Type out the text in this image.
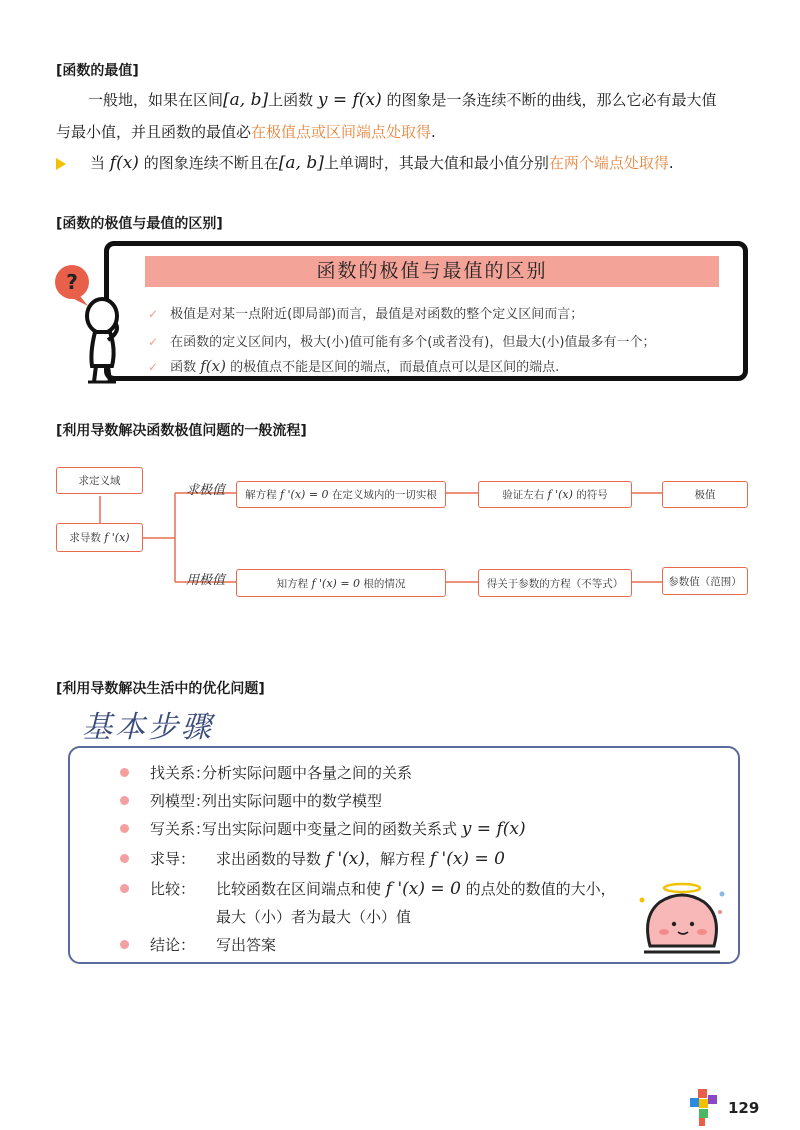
[函数的最值]
一般地，如果在区间[a, b]上函数 y = f(x) 的图象是一条连续不断的曲线，那么它必有最大值
与最小值，并且函数的最值必在极值点或区间端点处取得.
当 f(x) 的图象连续不断且在[a, b]上单调时，其最大值和最小值分别在两个端点处取得.
[函数的极值与最值的区别]
函数的极值与最值的区别
?
✓ 极值是对某一点附近(即局部)而言，最值是对函数的整个定义区间而言；
✓ 在函数的定义区间内，极大(小)值可能有多个(或者没有)，但最大(小)值最多有一个；
✓ 函数 f(x) 的极值点不能是区间的端点，而最值点可以是区间的端点.
[利用导数解决函数极值问题的一般流程]
求定义域
求导数
f '(x)
求极值
用极值
解方程
f '(x) = 0
在定义域内的一切实根	验证左右
f '(x)
的符号	极值
知方程
f '(x) = 0
根的情况	得关于参数的方程（不等式）	参数值（范围）
[利用导数解决生活中的优化问题]
基本步骤
找关系：
分析实际问题中各量之间的关系
列模型：
列出实际问题中的数学模型
写关系：
写出实际问题中变量之间的函数关系式 y = f(x)
求导： 求出函数的导数 f '(x)，解方程 f '(x) = 0
比较： 比较函数在区间端点和使 f '(x) = 0 的点处的数值的大小，
最大（小）者为最大（小）值
结论： 写出答案
129
